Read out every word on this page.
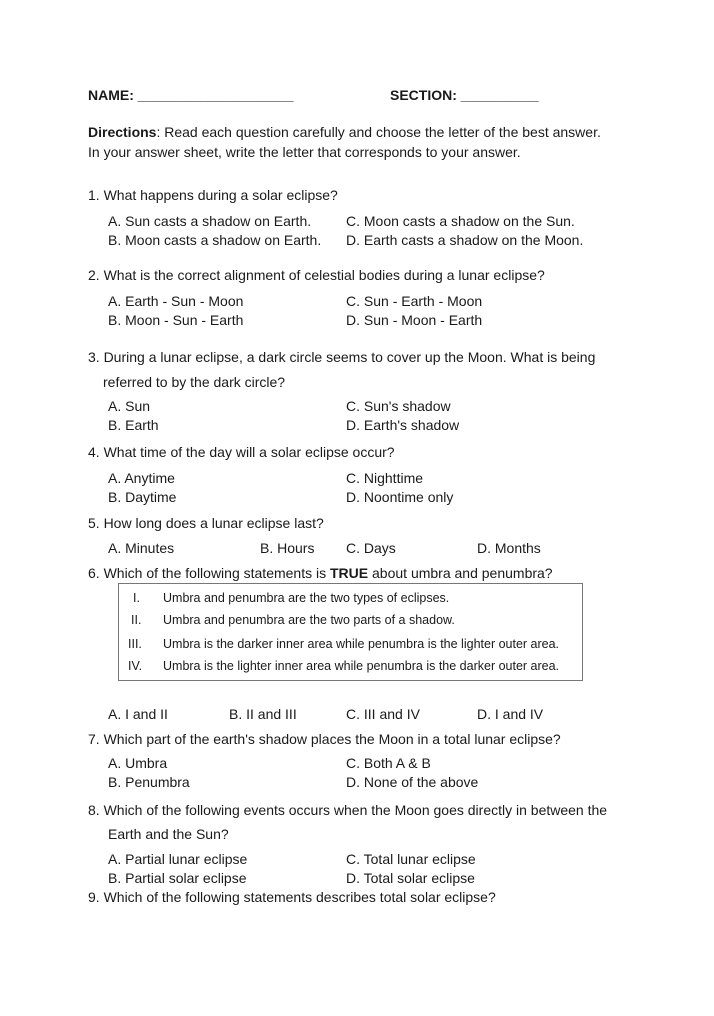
NAME: ____________________	SECTION: __________
Directions: Read each question carefully and choose the letter of the best answer.
In your answer sheet, write the letter that corresponds to your answer.
1. What happens during a solar eclipse?
A. Sun casts a shadow on Earth.
B. Moon casts a shadow on Earth.
C. Moon casts a shadow on the Sun.
D. Earth casts a shadow on the Moon.
2. What is the correct alignment of celestial bodies during a lunar eclipse?
A. Earth - Sun - Moon
B. Moon - Sun - Earth
C. Sun - Earth - Moon
D. Sun - Moon - Earth
3. During a lunar eclipse, a dark circle seems to cover up the Moon. What is being
referred to by the dark circle?
A. Sun
B. Earth
C. Sun's shadow
D. Earth's shadow
4. What time of the day will a solar eclipse occur?
A. Anytime
B. Daytime
C. Nighttime
D. Noontime only
5. How long does a lunar eclipse last?
A. Minutes	B. Hours C. Days	D. Months
6. Which of the following statements is TRUE about umbra and penumbra?
I. Umbra and penumbra are the two types of eclipses.
II. Umbra and penumbra are the two parts of a shadow.
III. Umbra is the darker inner area while penumbra is the lighter outer area.
IV. Umbra is the lighter inner area while penumbra is the darker outer area.
A. I and II	B. II and III	C. III and IV	D. I and IV
7. Which part of the earth's shadow places the Moon in a total lunar eclipse?
A. Umbra
B. Penumbra
C. Both A & B
D. None of the above
8. Which of the following events occurs when the Moon goes directly in between the
Earth and the Sun?
A. Partial lunar eclipse
B. Partial solar eclipse
C. Total lunar eclipse
D. Total solar eclipse
9. Which of the following statements describes total solar eclipse?
